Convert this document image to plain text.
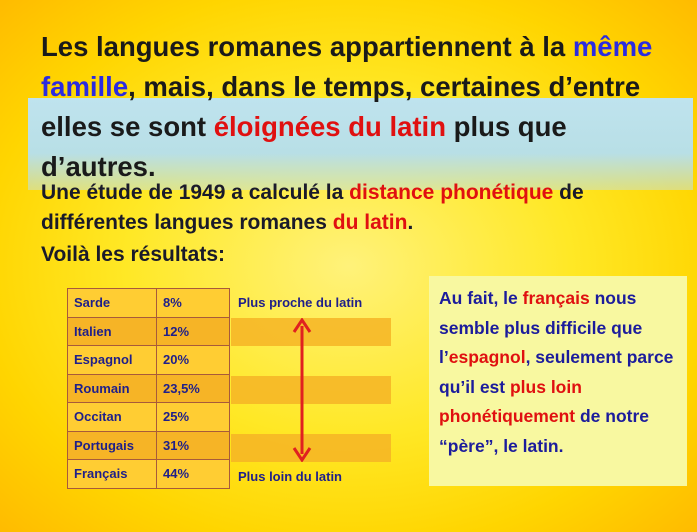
Les langues romanes appartiennent à la même famille, mais, dans le temps, certaines d’entre elles se sont éloignées du latin plus que d’autres.
Une étude de 1949 a calculé la distance phonétique de différentes langues romanes du latin.
Voilà les résultats:
Sarde	8%
Italien	12%
Espagnol	20%
Roumain	23,5%
Occitan	25%
Portugais	31%
Français	44%
Plus proche du latin
Plus loin du latin
Au fait, le français nous semble plus difficile que l’espagnol, seulement parce qu’il est plus loin phonétiquement de notre “père”, le latin.
